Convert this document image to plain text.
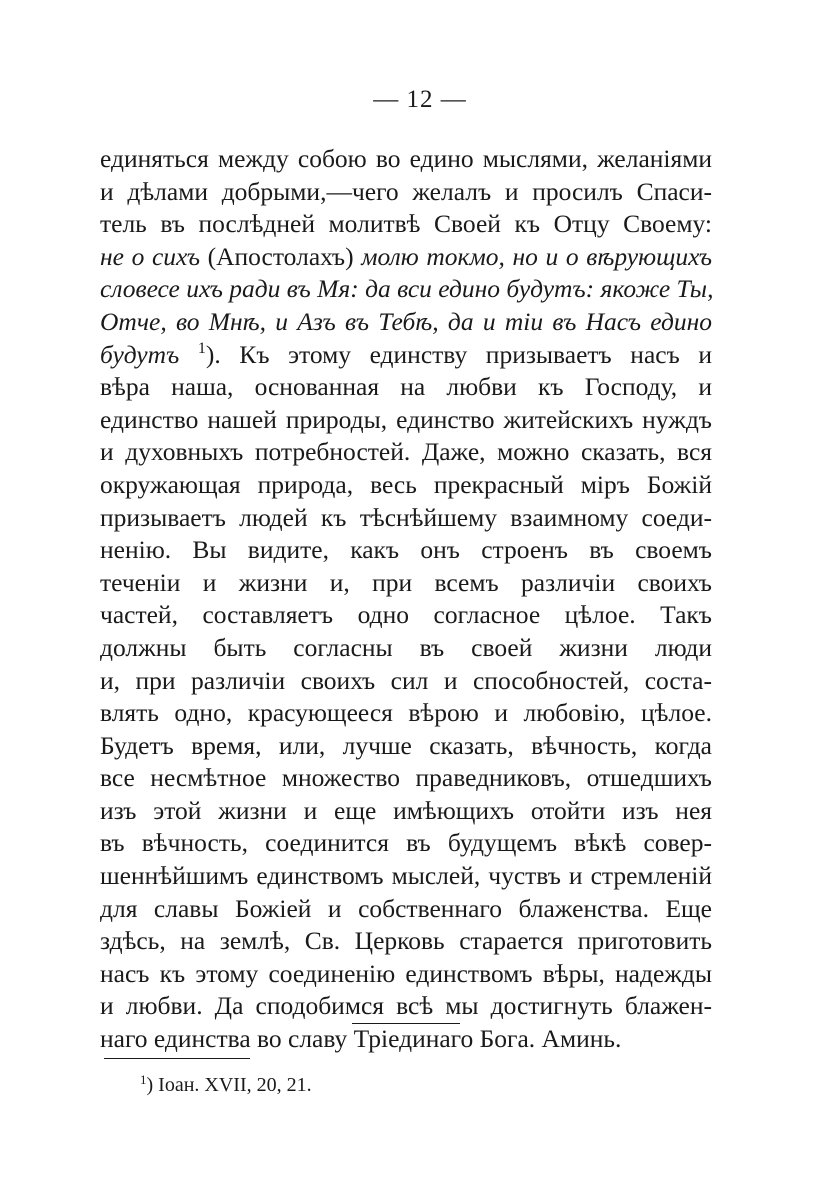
— 12 —
единяться между собою во едино мыслями, желаніями
и дѣлами добрыми,—чего желалъ и просилъ Спаси-
тель въ послѣдней молитвѣ Своей къ Отцу Своему:
не о сихъ (Апостолахъ) молю токмо, но и о вѣрующихъ
словесе ихъ ради въ Мя: да вси едино будутъ: якоже Ты,
Отче, во Мнѣ, и Азъ въ Тебѣ, да и тіи въ Насъ едино
будутъ $^1$). Къ этому единству призываетъ насъ и
вѣра наша, основанная на любви къ Господу, и
единство нашей природы, единство житейскихъ нуждъ
и духовныхъ потребностей. Даже, можно сказать, вся
окружающая природа, весь прекрасный міръ Божій
призываетъ людей къ тѣснѣйшему взаимному соеди-
ненію. Вы видите, какъ онъ строенъ въ своемъ
теченіи и жизни и, при всемъ различіи своихъ
частей, составляетъ одно согласное цѣлое. Такъ
должны быть согласны въ своей жизни люди
и, при различіи своихъ сил и способностей, соста-
влять одно, красующееся вѣрою и любовію, цѣлое.
Будетъ время, или, лучше сказать, вѣчность, когда
все несмѣтное множество праведниковъ, отшедшихъ
изъ этой жизни и еще имѣющихъ отойти изъ нея
въ вѣчность, соединится въ будущемъ вѣкѣ совер-
шеннѣйшимъ единствомъ мыслей, чуствъ и стремленій
для славы Божіей и собственнаго блаженства. Еще
здѣсь, на землѣ, Св. Церковь старается приготовить
насъ къ этому соединенію единствомъ вѣры, надежды
и любви. Да сподобимся всѣ мы достигнуть блажен-
наго единства во славу Тріединаго Бога. Аминь.
$^1$) Іоан. XVII, 20, 21.
